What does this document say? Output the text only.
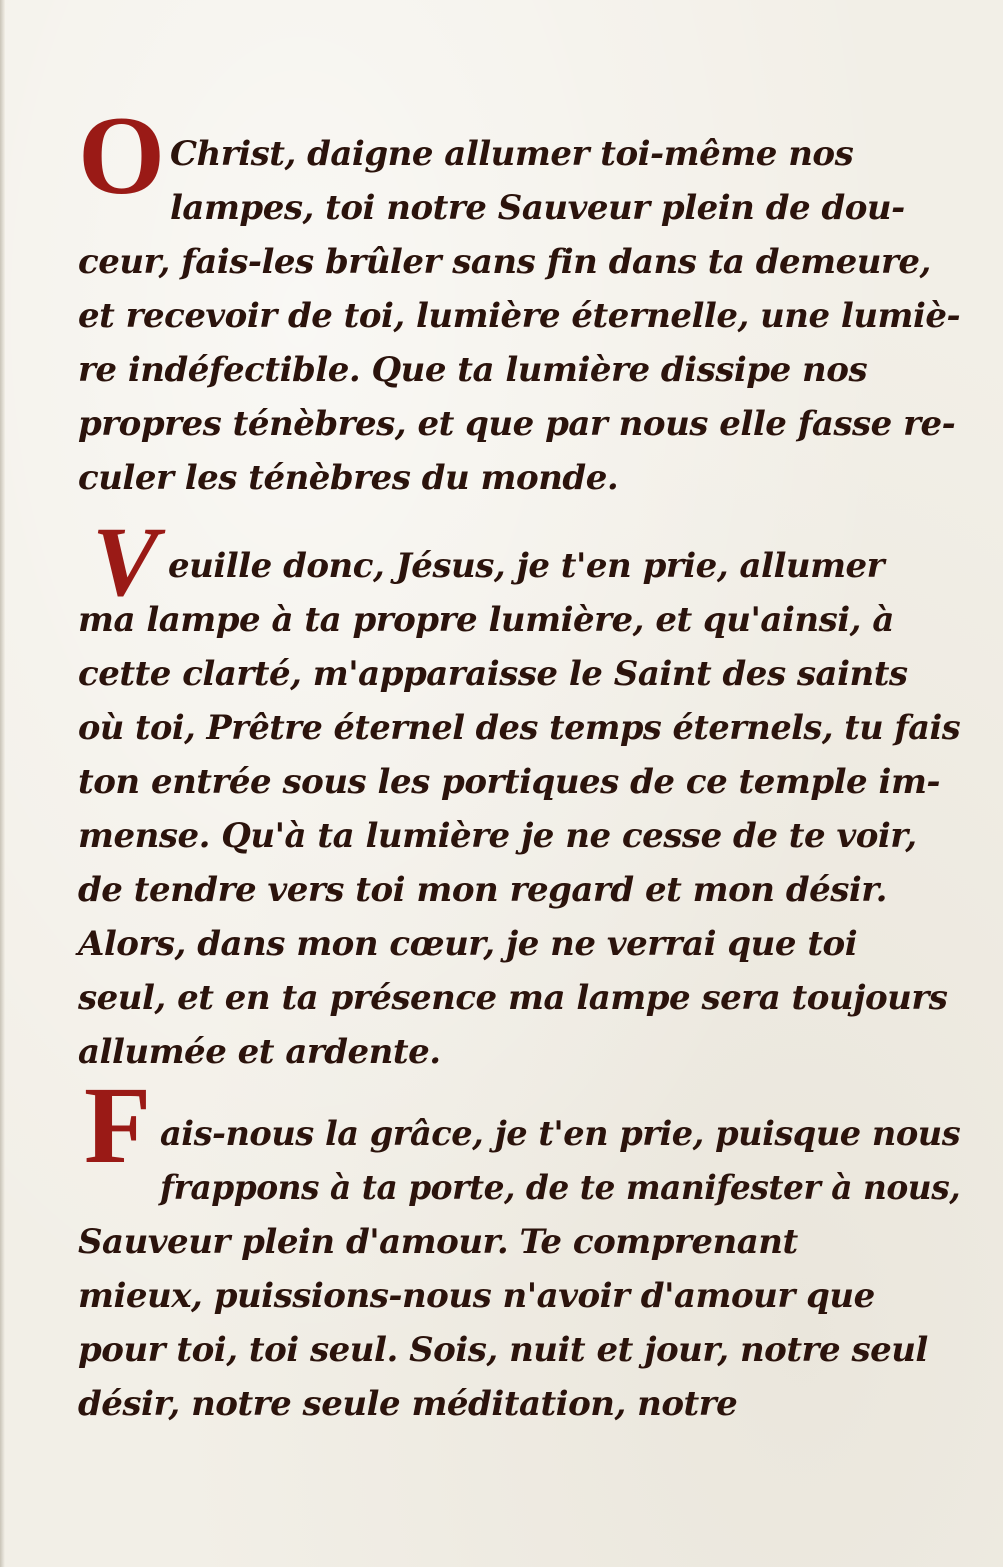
O Christ, daigne allumer toi-même nos
lampes, toi notre Sauveur plein de dou-
ceur, fais-les brûler sans fin dans ta demeure,
et recevoir de toi, lumière éternelle, une lumiè-
re indéfectible. Que ta lumière dissipe nos
propres ténèbres, et que par nous elle fasse re-
culer les ténèbres du monde.
V euille donc, Jésus, je t'en prie, allumer
ma lampe à ta propre lumière, et qu'ainsi, à
cette clarté, m'apparaisse le Saint des saints
où toi, Prêtre éternel des temps éternels, tu fais
ton entrée sous les portiques de ce temple im-
mense. Qu'à ta lumière je ne cesse de te voir,
de tendre vers toi mon regard et mon désir.
Alors, dans mon cœur, je ne verrai que toi
seul, et en ta présence ma lampe sera toujours
allumée et ardente.
F ais-nous la grâce, je t'en prie, puisque nous
frappons à ta porte, de te manifester à nous,
Sauveur plein d'amour. Te comprenant
mieux, puissions-nous n'avoir d'amour que
pour toi, toi seul. Sois, nuit et jour, notre seul
désir, notre seule méditation, notre
